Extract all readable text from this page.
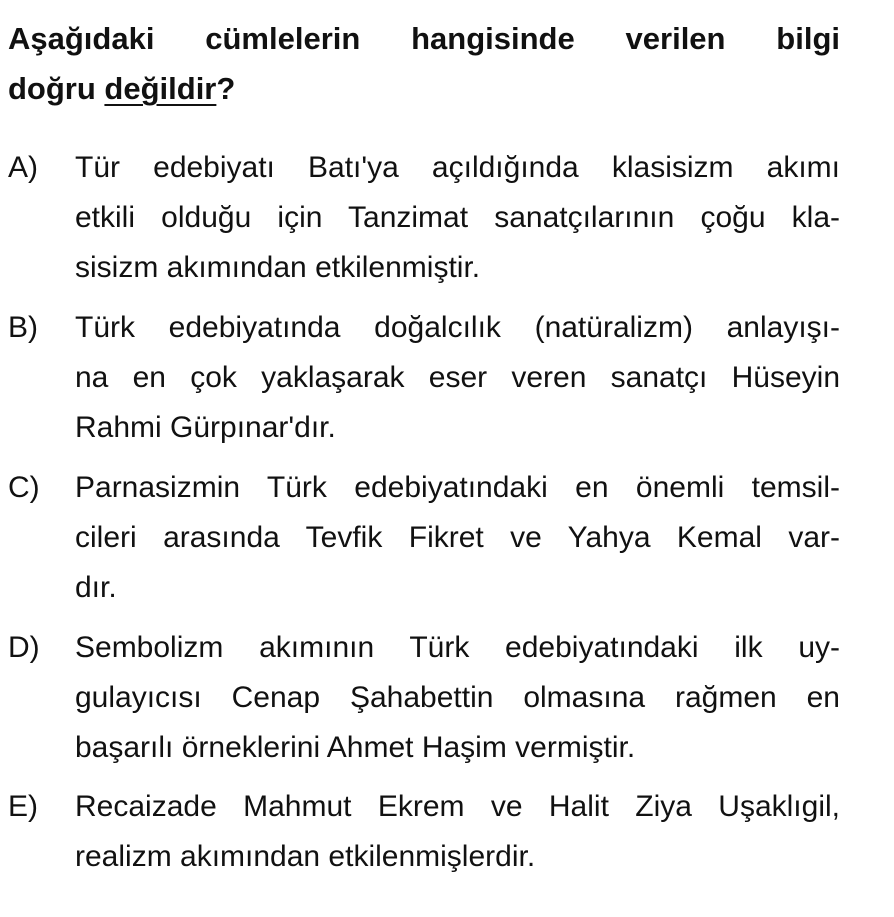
Aşağıdaki cümlelerin hangisinde verilen bilgi
doğru değildir?
A)	Tür edebiyatı Batı'ya açıldığında klasisizm akımı
etkili olduğu için Tanzimat sanatçılarının çoğu kla-
sisizm akımından etkilenmiştir.
B)	Türk edebiyatında doğalcılık (natüralizm) anlayışı-
na en çok yaklaşarak eser veren sanatçı Hüseyin
Rahmi Gürpınar'dır.
C)	Parnasizmin Türk edebiyatındaki en önemli temsil-
cileri arasında Tevfik Fikret ve Yahya Kemal var-
dır.
D)	Sembolizm akımının Türk edebiyatındaki ilk uy-
gulayıcısı Cenap Şahabettin olmasına rağmen en
başarılı örneklerini Ahmet Haşim vermiştir.
E)	Recaizade Mahmut Ekrem ve Halit Ziya Uşaklıgil,
realizm akımından etkilenmişlerdir.
